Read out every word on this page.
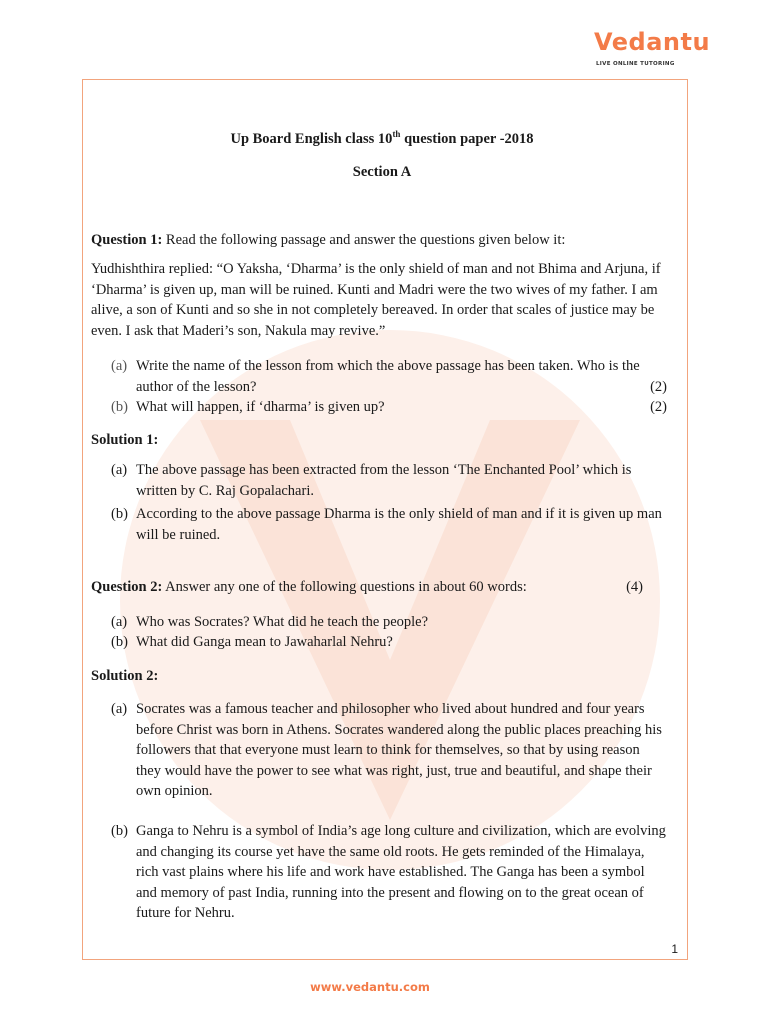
Vedantu
LIVE ONLINE TUTORING
Up Board English class 10th question paper -2018
Section A
Question 1: Read the following passage and answer the questions given below it:
Yudhishthira replied: “O Yaksha, ‘Dharma’ is the only shield of man and not Bhima and Arjuna, if ‘Dharma’ is given up, man will be ruined. Kunti and Madri were the two wives of my father. I am alive, a son of Kunti and so she in not completely bereaved. In order that scales of justice may be even. I ask that Maderi’s son, Nakula may revive.”
(a) Write the name of the lesson from which the above passage has been taken. Who is the author of the lesson?	(2)
(b) What will happen, if ‘dharma’ is given up?	(2)
Solution 1:
(a) The above passage has been extracted from the lesson ‘The Enchanted Pool’ which is written by C. Raj Gopalachari.
(b) According to the above passage Dharma is the only shield of man and if it is given up man will be ruined.
Question 2: Answer any one of the following questions in about 60 words:	(4)
(a) Who was Socrates? What did he teach the people?
(b) What did Ganga mean to Jawaharlal Nehru?
Solution 2:
(a) Socrates was a famous teacher and philosopher who lived about hundred and four years before Christ was born in Athens. Socrates wandered along the public places preaching his followers that that everyone must learn to think for themselves, so that by using reason they would have the power to see what was right, just, true and beautiful, and shape their own opinion.
(b) Ganga to Nehru is a symbol of India’s age long culture and civilization, which are evolving and changing its course yet have the same old roots. He gets reminded of the Himalaya, rich vast plains where his life and work have established. The Ganga has been a symbol and memory of past India, running into the present and flowing on to the great ocean of future for Nehru.
1
www.vedantu.com
